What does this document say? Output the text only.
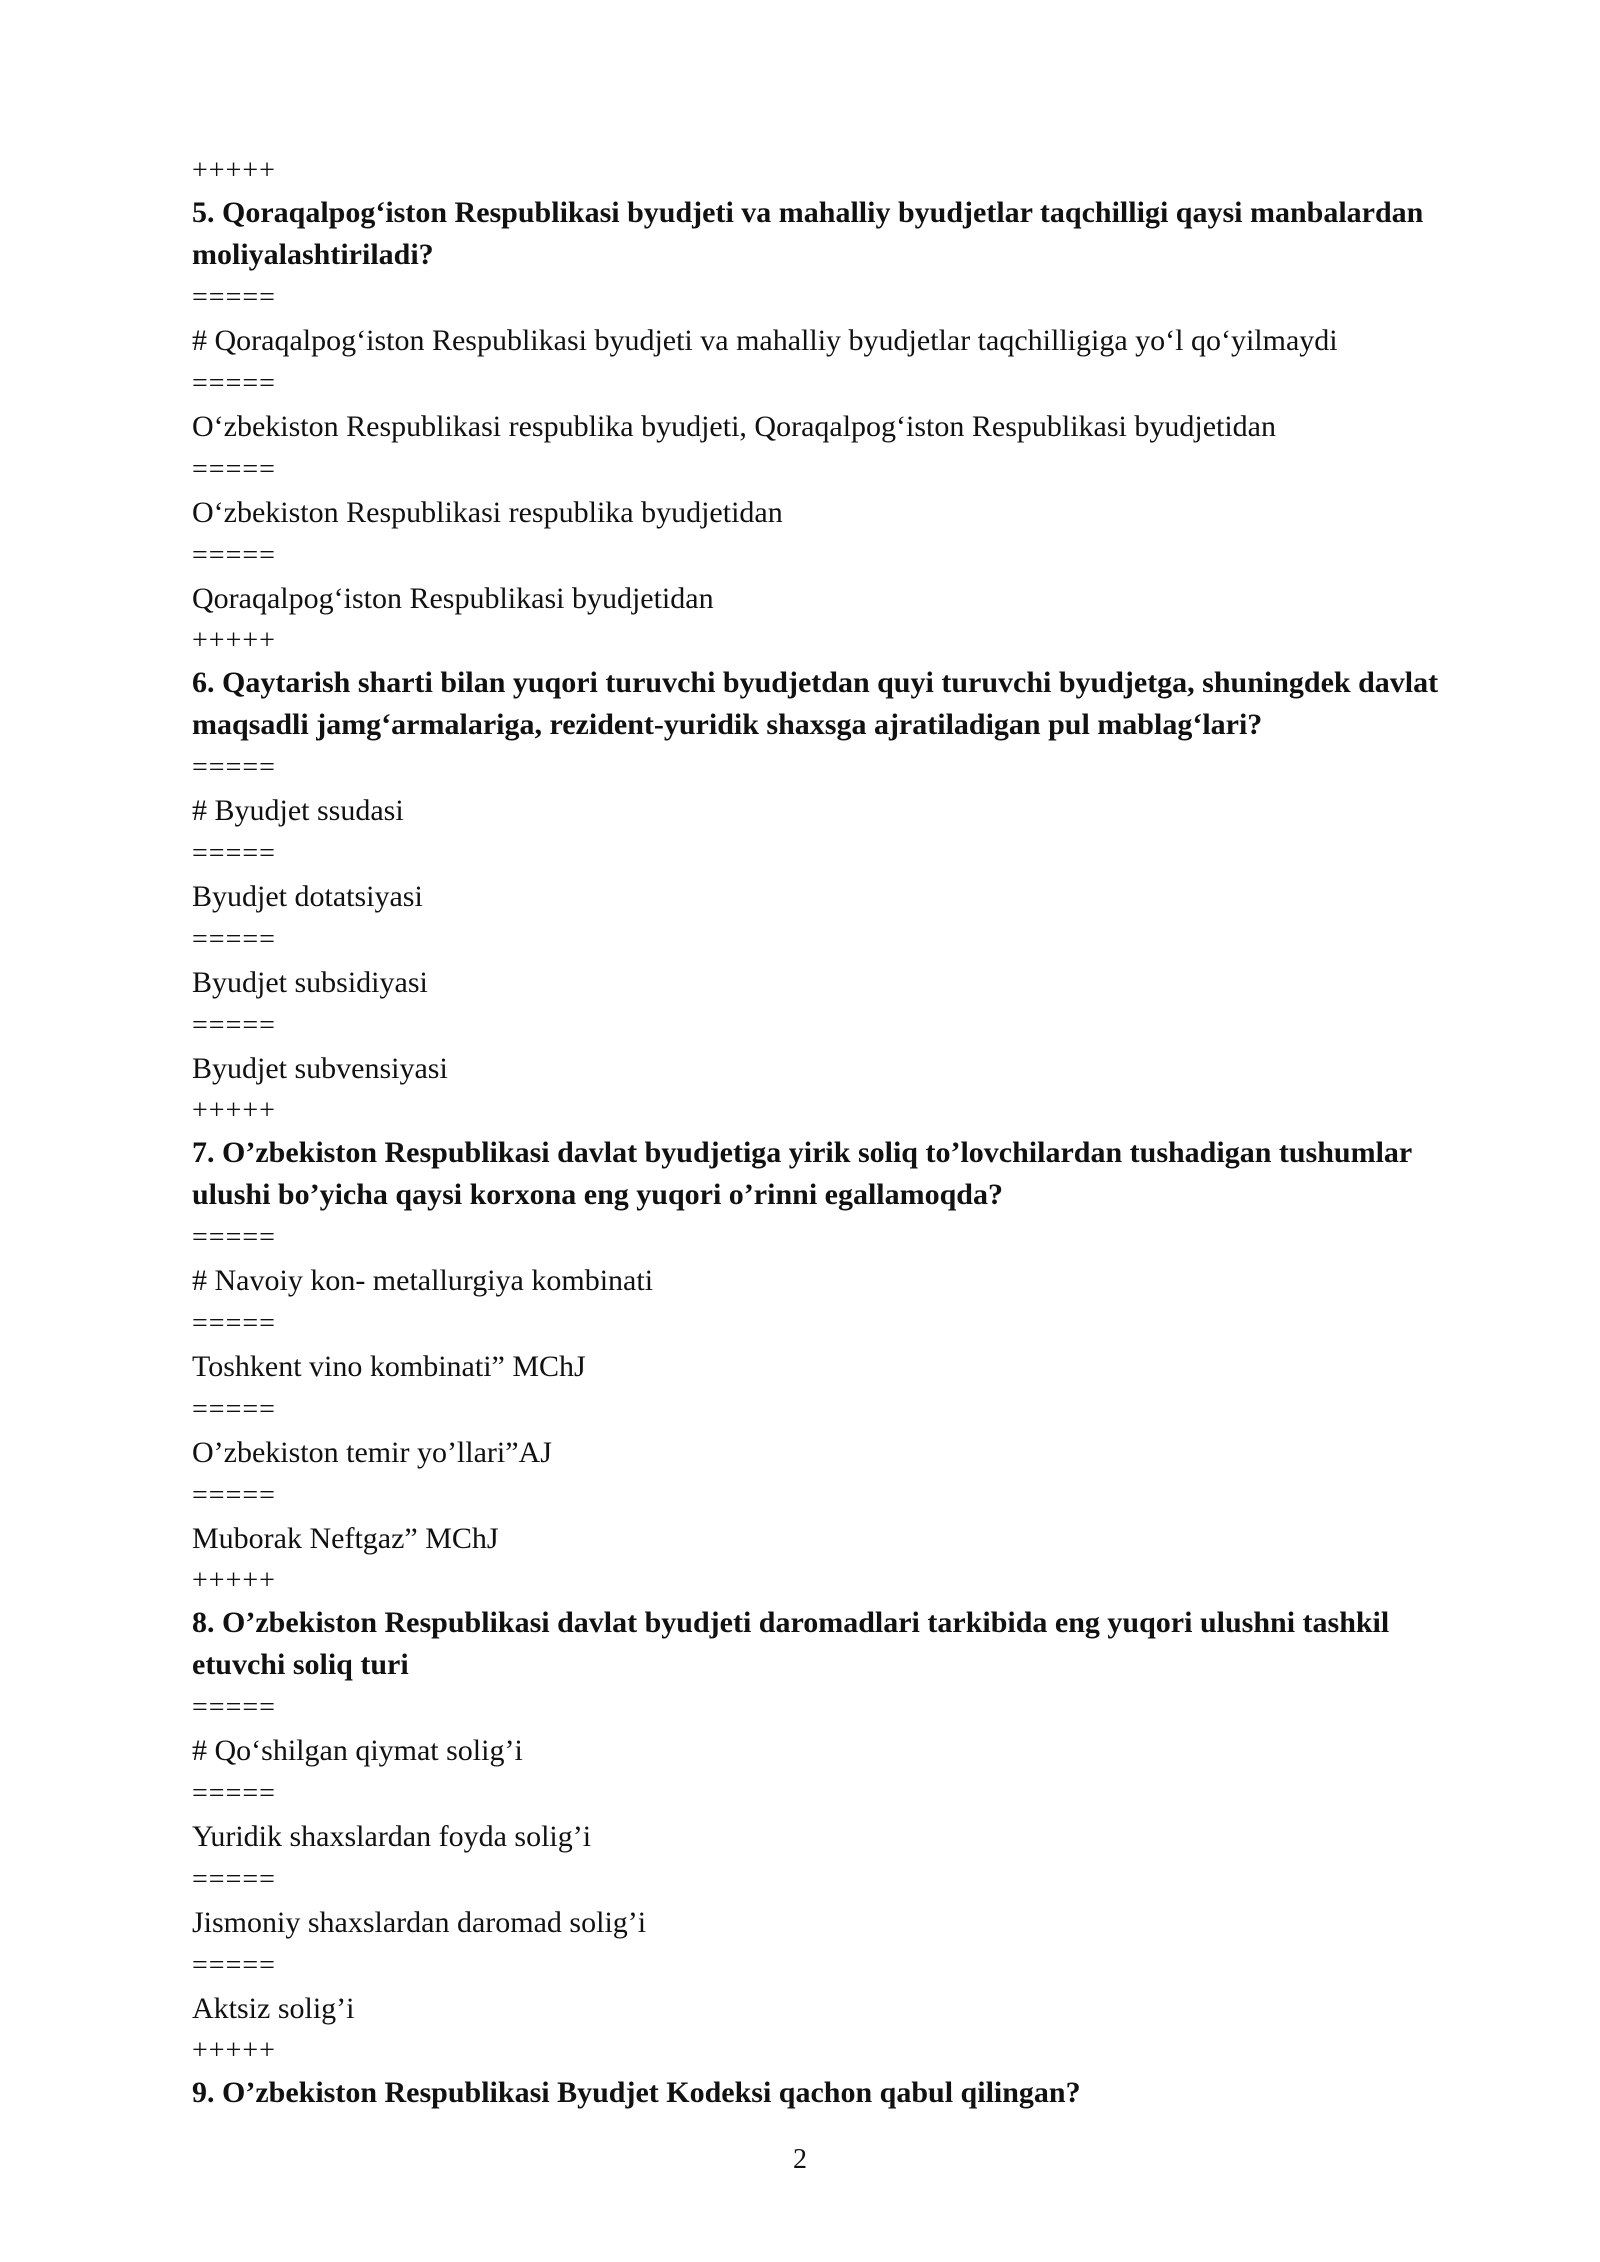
+++++
5. Qoraqalpog‘iston Respublikasi byudjeti va mahalliy byudjetlar taqchilligi qaysi manbalardan moliyalashtiriladi?
=====
# Qoraqalpog‘iston Respublikasi byudjeti va mahalliy byudjetlar taqchilligiga yo‘l qo‘yilmaydi
=====
O‘zbekiston Respublikasi respublika byudjeti, Qoraqalpog‘iston Respublikasi byudjetidan
=====
O‘zbekiston Respublikasi respublika byudjetidan
=====
Qoraqalpog‘iston Respublikasi byudjetidan
+++++
6. Qaytarish sharti bilan yuqori turuvchi byudjetdan quyi turuvchi byudjetga, shuningdek davlat maqsadli jamg‘armalariga, rezident-yuridik shaxsga ajratiladigan pul mablag‘lari?
=====
# Byudjet ssudasi
=====
Byudjet dotatsiyasi
=====
Byudjet subsidiyasi
=====
Byudjet subvensiyasi
+++++
7. O’zbekiston Respublikasi davlat byudjetiga yirik soliq to’lovchilardan tushadigan tushumlar ulushi bo’yicha qaysi korxona eng yuqori o’rinni egallamoqda?
=====
# Navoiy kon- metallurgiya kombinati
=====
Toshkent vino kombinati” MChJ
=====
O’zbekiston temir yo’llari”AJ
=====
Muborak Neftgaz” MChJ
+++++
8. O’zbekiston Respublikasi davlat byudjeti daromadlari tarkibida eng yuqori ulushni tashkil etuvchi soliq turi
=====
# Qo‘shilgan qiymat solig’i
=====
Yuridik shaxslardan foyda solig’i
=====
Jismoniy shaxslardan daromad solig’i
=====
Aktsiz solig’i
+++++
9. O’zbekiston Respublikasi Byudjet Kodeksi qachon qabul qilingan?
2
